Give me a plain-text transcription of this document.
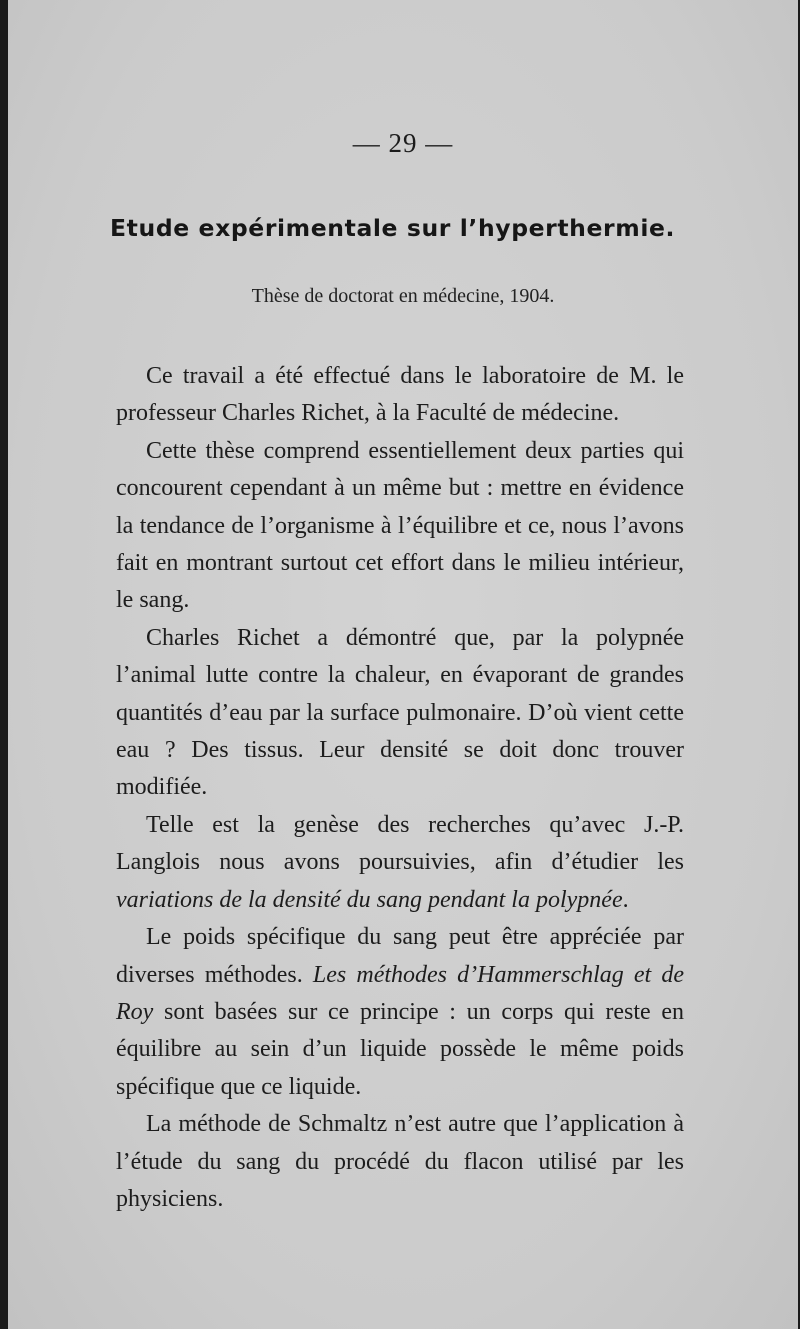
— 29 —
Etude expérimentale sur l’hyperthermie.
Thèse de doctorat en médecine, 1904.

Ce travail a été effectué dans le laboratoire de M. le professeur Charles Richet, à la Faculté de médecine.

Cette thèse comprend essentiellement deux parties qui concourent cependant à un même but : mettre en évidence la tendance de l’organisme à l’équilibre et ce, nous l’avons fait en montrant surtout cet effort dans le milieu intérieur, le sang.

Charles Richet a démontré que, par la polypnée l’animal lutte contre la chaleur, en évaporant de grandes quantités d’eau par la surface pulmonaire. D’où vient cette eau ? Des tissus. Leur densité se doit donc trouver modifiée.

Telle est la genèse des recherches qu’avec J.-P. Langlois nous avons poursuivies, afin d’étudier les variations de la densité du sang pendant la polypnée.

Le poids spécifique du sang peut être appréciée par diverses méthodes. Les méthodes d’Hammerschlag et de Roy sont basées sur ce principe : un corps qui reste en équilibre au sein d’un liquide possède le même poids spécifique que ce liquide.

La méthode de Schmaltz n’est autre que l’application à l’étude du sang du procédé du flacon utilisé par les physiciens.
